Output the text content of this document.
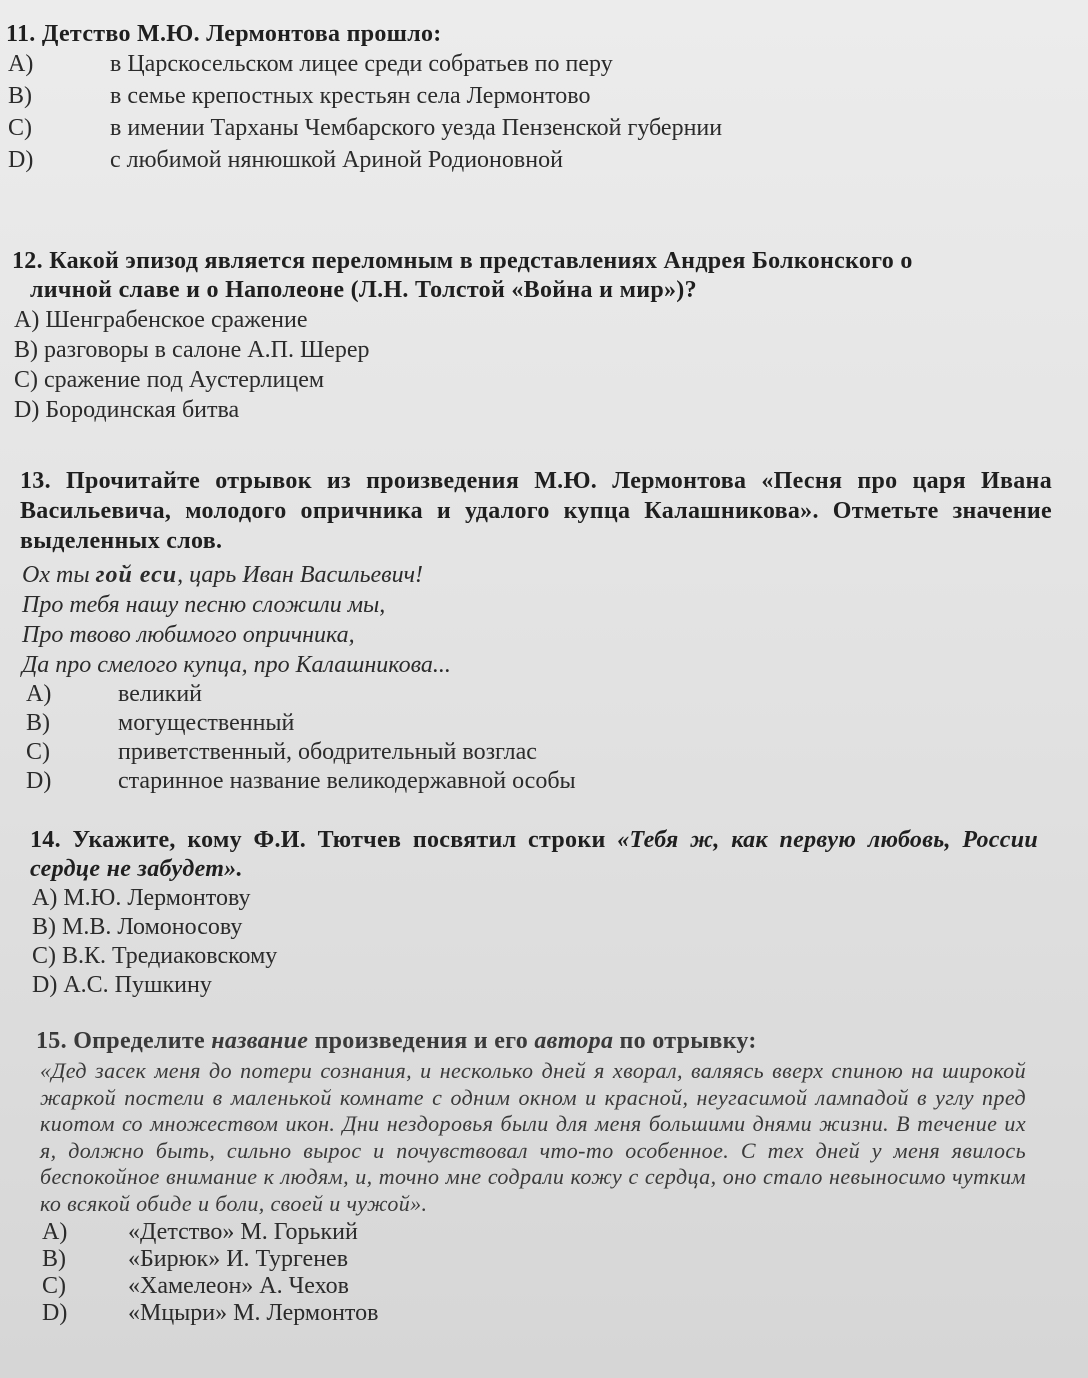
11. Детство М.Ю. Лермонтова прошло:
A)	в Царскосельском лицее среди собратьев по перу
B)	в семье крепостных крестьян села Лермонтово
C)	в имении Тарханы Чембарского уезда Пензенской губернии
D)	с любимой нянюшкой Ариной Родионовной
12. Какой эпизод является переломным в представлениях Андрея Болконского о
личной славе и о Наполеоне (Л.Н. Толстой «Война и мир»)?
A) Шенграбенское сражение
B) разговоры в салоне А.П. Шерер
C) сражение под Аустерлицем
D) Бородинская битва
13. Прочитайте отрывок из произведения М.Ю. Лермонтова «Песня про царя Ивана Васильевича, молодого опричника и удалого купца Калашникова». Отметьте значение выделенных слов.
Ох ты гой еси, царь Иван Васильевич!
Про тебя нашу песню сложили мы,
Про твово любимого опричника,
Да про смелого купца, про Калашникова...
A)	великий
B)	могущественный
C)	приветственный, ободрительный возглас
D)	старинное название великодержавной особы
14. Укажите, кому Ф.И. Тютчев посвятил строки «Тебя ж, как первую любовь, России сердце не забудет».
A) М.Ю. Лермонтову
B) М.В. Ломоносову
C) В.К. Тредиаковскому
D) А.С. Пушкину
15. Определите название произведения и его автора по отрывку:
«Дед засек меня до потери сознания, и несколько дней я хворал, валяясь вверх спиною на широкой жаркой постели в маленькой комнате с одним окном и красной, неугасимой лампадой в углу пред киотом со множеством икон. Дни нездоровья были для меня большими днями жизни. В течение их я, должно быть, сильно вырос и почувствовал что-то особенное. С тех дней у меня явилось беспокойное внимание к людям, и, точно мне содрали кожу с сердца, оно стало невыносимо чутким ко всякой обиде и боли, своей и чужой».
A)	«Детство» М. Горький
B)	«Бирюк» И. Тургенев
C)	«Хамелеон» А. Чехов
D)	«Мцыри» М. Лермонтов
